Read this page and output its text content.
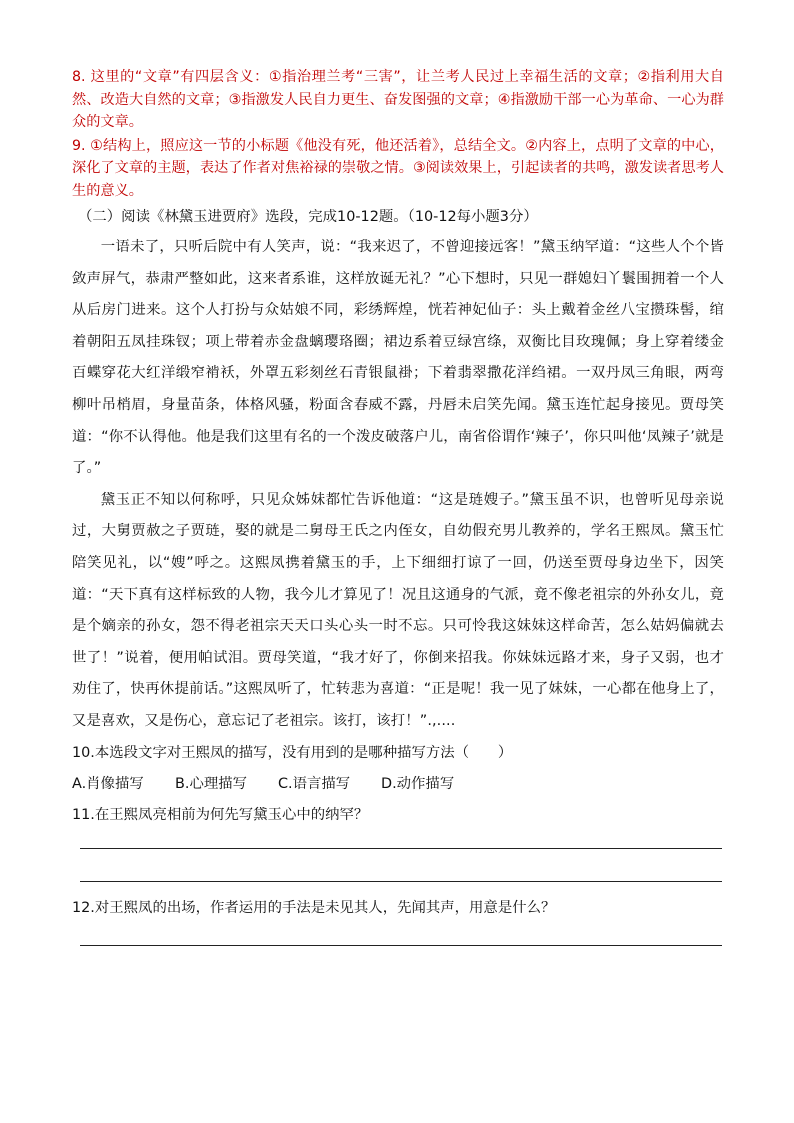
8. 这里的“文章”有四层含义：①指治理兰考“三害”，让兰考人民过上幸福生活的文章；②指利用大自然、改造大自然的文章；③指激发人民自力更生、奋发图强的文章；④指激励干部一心为革命、一心为群众的文章。

9. ①结构上，照应这一节的小标题《他没有死，他还活着》，总结全文。②内容上，点明了文章的中心，深化了文章的主题，表达了作者对焦裕禄的崇敬之情。③阅读效果上，引起读者的共鸣，激发读者思考人生的意义。

（二）阅读《林黛玉进贾府》选段，完成10-12题。（10-12每小题3分）

一语未了，只听后院中有人笑声，说：“我来迟了，不曾迎接远客！”黛玉纳罕道：“这些人个个皆敛声屏气，恭肃严整如此，这来者系谁，这样放诞无礼？”心下想时，只见一群媳妇丫鬟围拥着一个人从后房门进来。这个人打扮与众姑娘不同，彩绣辉煌，恍若神妃仙子：头上戴着金丝八宝攒珠髻，绾着朝阳五凤挂珠钗；项上带着赤金盘螭璎珞圈；裙边系着豆绿宫绦，双衡比目玫瑰佩；身上穿着缕金百蝶穿花大红洋缎窄褃袄，外罩五彩刻丝石青银鼠褂；下着翡翠撒花洋绉裙。一双丹凤三角眼，两弯柳叶吊梢眉，身量苗条，体格风骚，粉面含春威不露，丹唇未启笑先闻。黛玉连忙起身接见。贾母笑道：“你不认得他。他是我们这里有名的一个泼皮破落户儿，南省俗谓作‘辣子’，你只叫他‘凤辣子’就是了。”

黛玉正不知以何称呼，只见众姊妹都忙告诉他道：“这是琏嫂子。”黛玉虽不识，也曾听见母亲说过，大舅贾赦之子贾琏，娶的就是二舅母王氏之内侄女，自幼假充男儿教养的，学名王熙凤。黛玉忙陪笑见礼，以“嫂”呼之。这熙凤携着黛玉的手，上下细细打谅了一回，仍送至贾母身边坐下，因笑道：“天下真有这样标致的人物，我今儿才算见了！况且这通身的气派，竟不像老祖宗的外孙女儿，竟是个嫡亲的孙女，怨不得老祖宗天天口头心头一时不忘。只可怜我这妹妹这样命苦，怎么姑妈偏就去世了！”说着，便用帕试泪。贾母笑道，“我才好了，你倒来招我。你妹妹远路才来，身子又弱，也才劝住了，快再休提前话。”这熙凤听了，忙转悲为喜道：“正是呢！我一见了妹妹，一心都在他身上了，又是喜欢，又是伤心，意忘记了老祖宗。该打，该打！”.,....

10.本选段文字对王熙凤的描写，没有用到的是哪种描写方法（　　）

A.肖像描写	B.心理描写	C.语言描写	D.动作描写

11.在王熙凤亮相前为何先写黛玉心中的纳罕？

12.对王熙凤的出场，作者运用的手法是未见其人，先闻其声，用意是什么？
